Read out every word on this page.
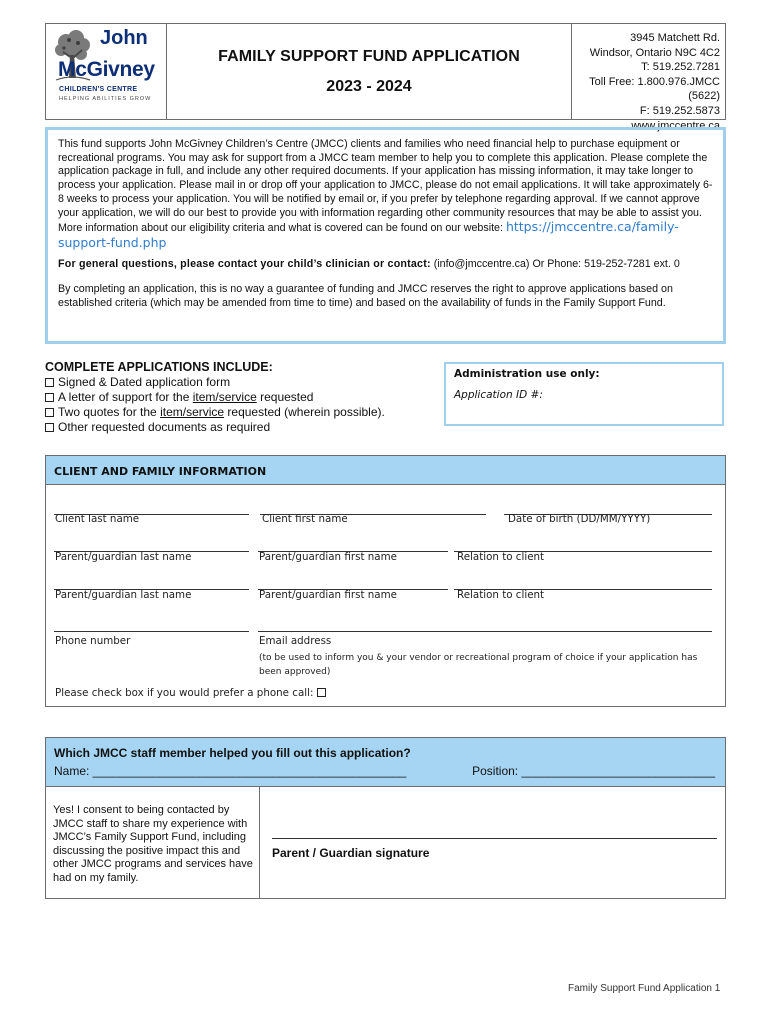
John
McGivney
CHILDREN'S CENTRE
HELPING ABILITIES GROW
FAMILY SUPPORT FUND APPLICATION
2023 - 2024
3945 Matchett Rd.
Windsor, Ontario N9C 4C2
T: 519.252.7281
Toll Free: 1.800.976.JMCC (5622)
F: 519.252.5873
www.jmccentre.ca

This fund supports John McGivney Children’s Centre (JMCC) clients and families who need financial help to purchase equipment or recreational programs. You may ask for support from a JMCC team member to help you to complete this application. Please complete the application package in full, and include any other required documents. If your application has missing information, it may take longer to process your application. Please mail in or drop off your application to JMCC, please do not email applications. It will take approximately 6-8 weeks to process your application. You will be notified by email or, if you prefer by telephone regarding approval. If we cannot approve your application, we will do our best to provide you with information regarding other community resources that may be able to assist you.

More information about our eligibility criteria and what is covered can be found on our website: https://jmccentre.ca/family-support-fund.php

For general questions, please contact your child’s clinician or contact: (info@jmccentre.ca) Or Phone: 519-252-7281 ext. 0

By completing an application, this is no way a guarantee of funding and JMCC reserves the right to approve applications based on established criteria (which may be amended from time to time) and based on the availability of funds in the Family Support Fund.

COMPLETE APPLICATIONS INCLUDE:
Signed & Dated application form
A letter of support for the item/service requested
Two quotes for the item/service requested (wherein possible).
Other requested documents as required
Administration use only:
Application ID #:
CLIENT AND FAMILY INFORMATION
Client last name	Client first name	Date of birth (DD/MM/YYYY)
Parent/guardian last name	Parent/guardian first name	Relation to client
Parent/guardian last name	Parent/guardian first name	Relation to client
Phone number	Email address
(to be used to inform you & your vendor or recreational program of choice if your application has been approved)
Please check box if you would prefer a phone call:
Which JMCC staff member helped you fill out this application?
Name: _______________________________________________	Position: _____________________________
Yes! I consent to being contacted by JMCC staff to share my experience with JMCC’s Family Support Fund, including discussing the positive impact this and other JMCC programs and services have had on my family.
Parent / Guardian signature
Family Support Fund Application 1
